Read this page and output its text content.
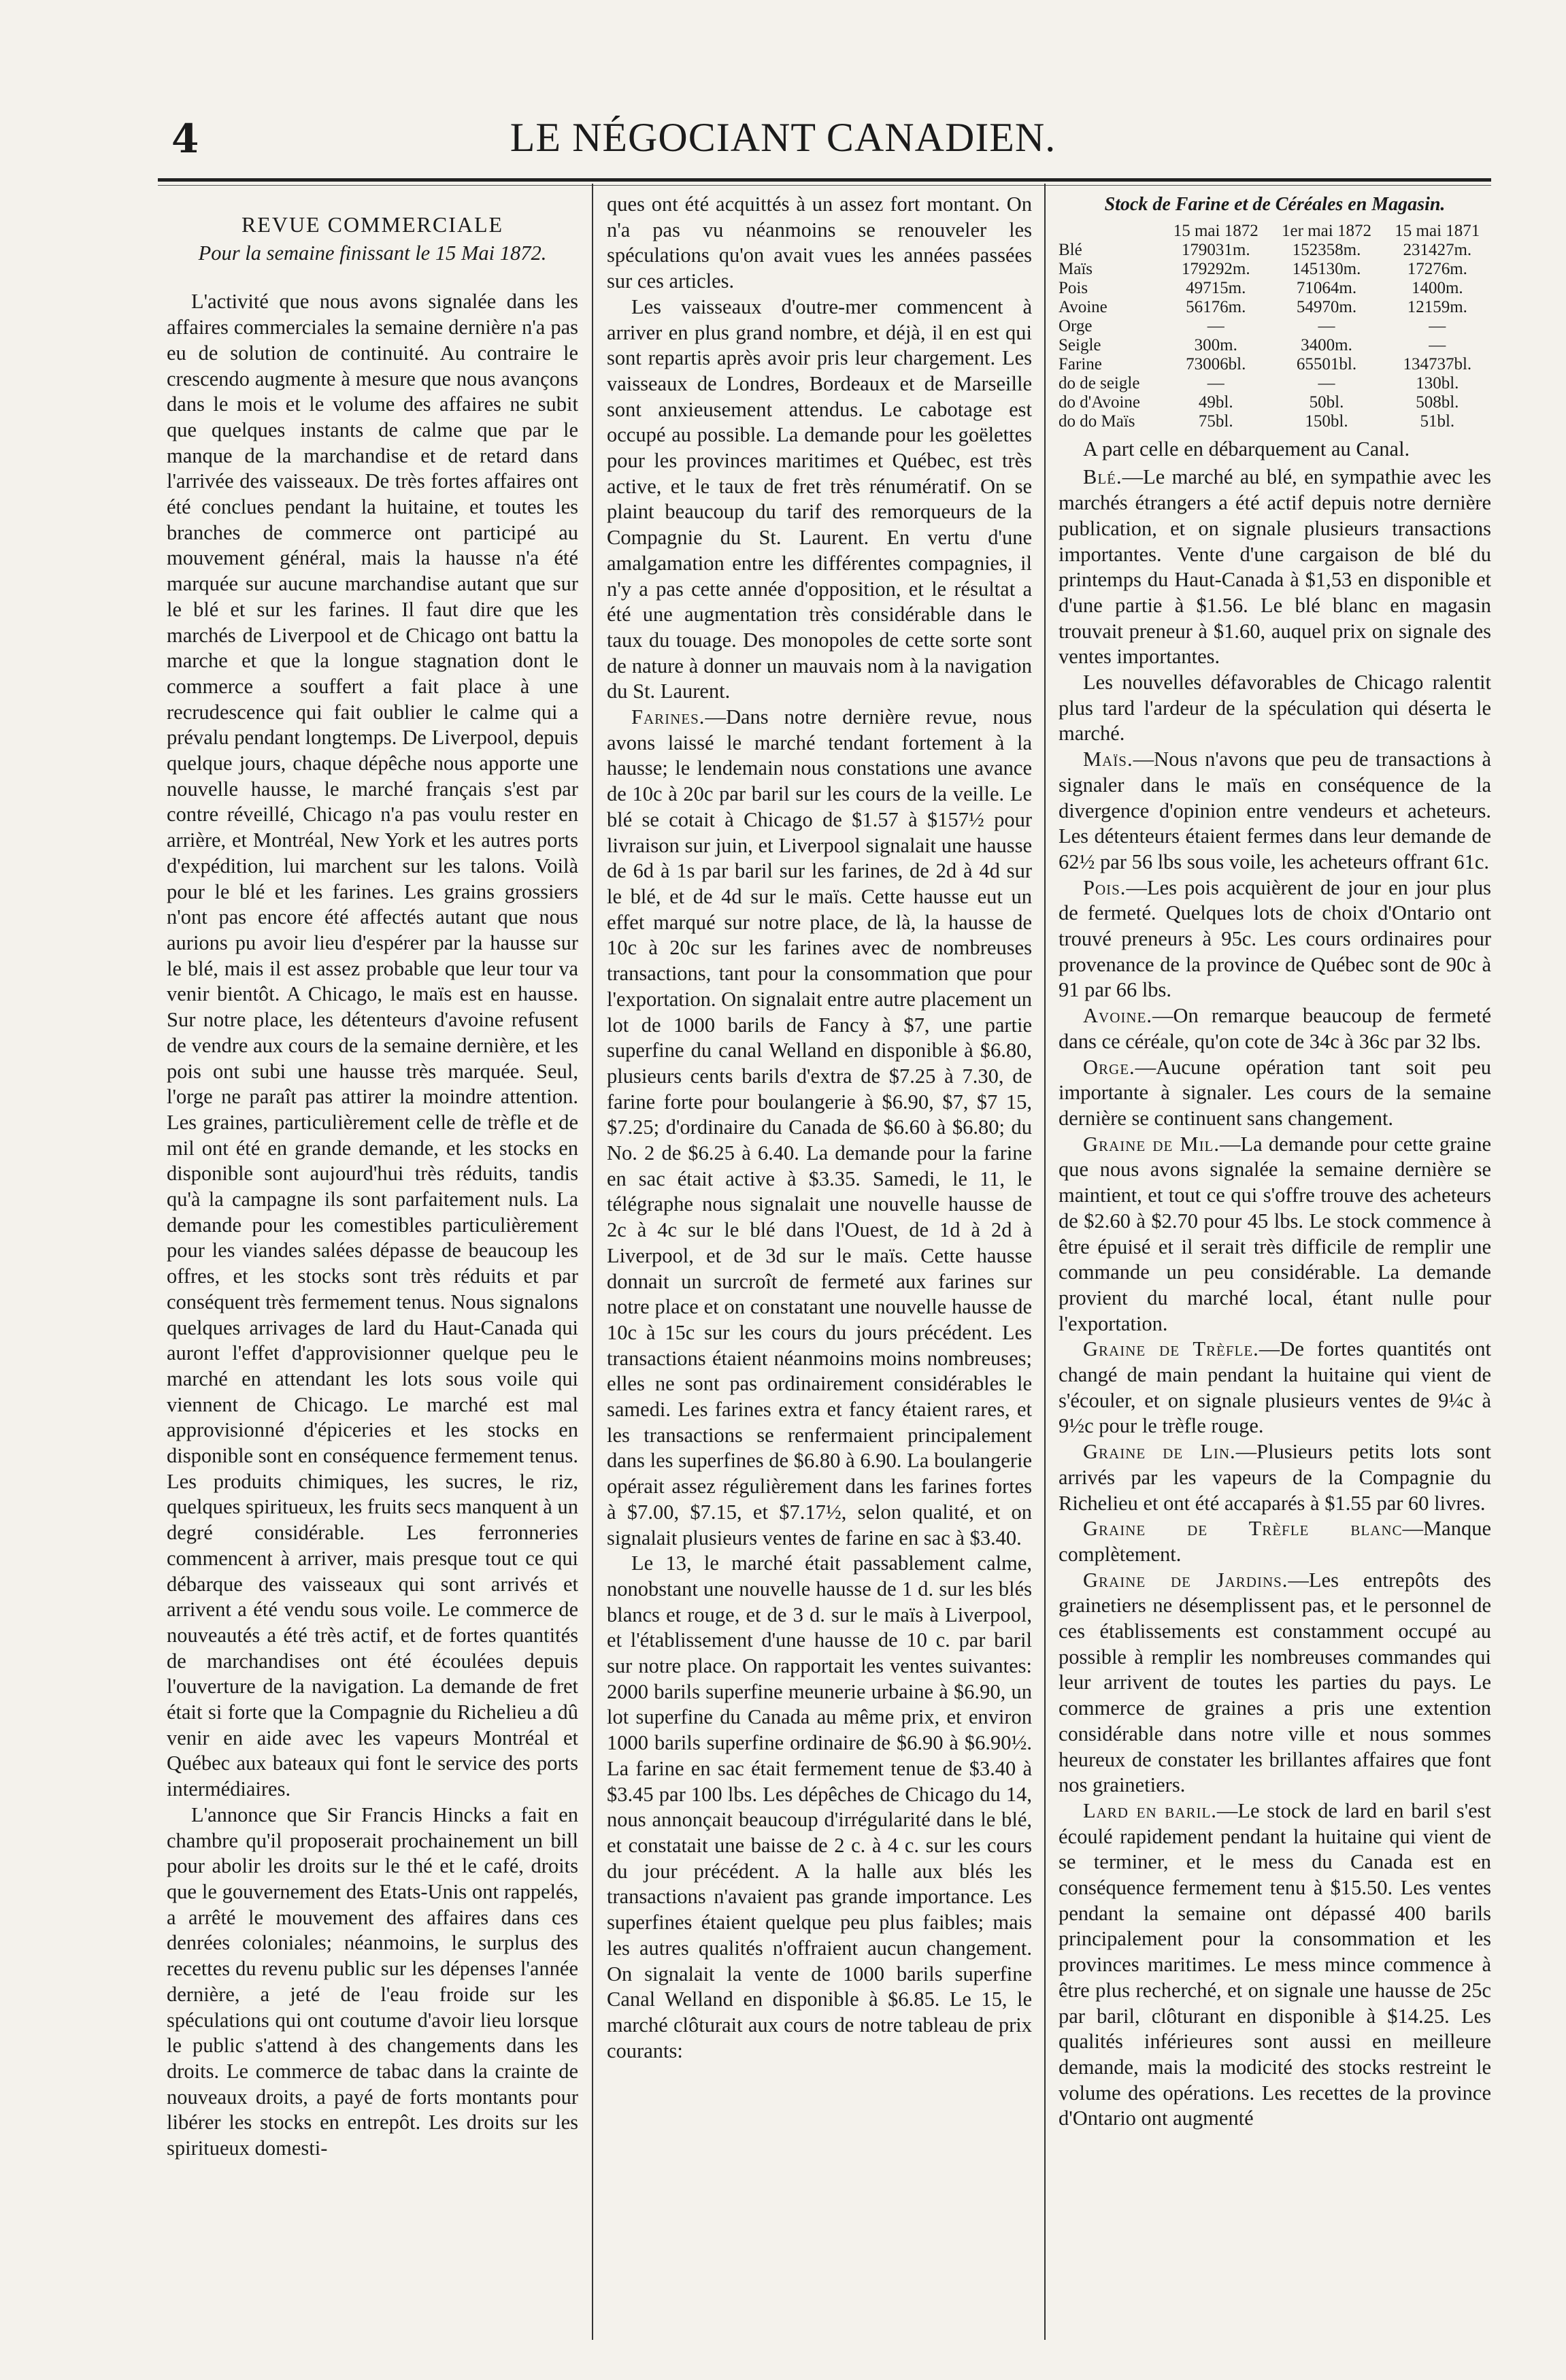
4	LE NÉGOCIANT CANADIEN.
REVUE COMMERCIALE
Pour la semaine finissant le 15 Mai 1872.

L'activité que nous avons signalée dans les affaires commerciales la semaine dernière n'a pas eu de solution de continuité. Au contraire le crescendo augmente à mesure que nous avançons dans le mois et le volume des affaires ne subit que quelques instants de calme que par le manque de la marchandise et de retard dans l'arrivée des vaisseaux. De très fortes affaires ont été conclues pendant la huitaine, et toutes les branches de commerce ont participé au mouvement général, mais la hausse n'a été marquée sur aucune marchandise autant que sur le blé et sur les farines. Il faut dire que les marchés de Liverpool et de Chicago ont battu la marche et que la longue stagnation dont le commerce a souffert a fait place à une recrudescence qui fait oublier le calme qui a prévalu pendant longtemps. De Liverpool, depuis quelque jours, chaque dépêche nous apporte une nouvelle hausse, le marché français s'est par contre réveillé, Chicago n'a pas voulu rester en arrière, et Montréal, New York et les autres ports d'expédition, lui marchent sur les talons. Voilà pour le blé et les farines. Les grains grossiers n'ont pas encore été affectés autant que nous aurions pu avoir lieu d'espérer par la hausse sur le blé, mais il est assez probable que leur tour va venir bientôt. A Chicago, le maïs est en hausse. Sur notre place, les détenteurs d'avoine refusent de vendre aux cours de la semaine dernière, et les pois ont subi une hausse très marquée. Seul, l'orge ne paraît pas attirer la moindre attention. Les graines, particulièrement celle de trèfle et de mil ont été en grande demande, et les stocks en disponible sont aujourd'hui très réduits, tandis qu'à la campagne ils sont parfaitement nuls. La demande pour les comestibles particulièrement pour les viandes salées dépasse de beaucoup les offres, et les stocks sont très réduits et par conséquent très fermement tenus. Nous signalons quelques arrivages de lard du Haut-Canada qui auront l'effet d'approvisionner quelque peu le marché en attendant les lots sous voile qui viennent de Chicago. Le marché est mal approvisionné d'épiceries et les stocks en disponible sont en conséquence fermement tenus. Les produits chimiques, les sucres, le riz, quelques spiritueux, les fruits secs manquent à un degré considérable. Les ferronneries commencent à arriver, mais presque tout ce qui débarque des vaisseaux qui sont arrivés et arrivent a été vendu sous voile. Le commerce de nouveautés a été très actif, et de fortes quantités de marchandises ont été écoulées depuis l'ouverture de la navigation. La demande de fret était si forte que la Compagnie du Richelieu a dû venir en aide avec les vapeurs Montréal et Québec aux bateaux qui font le service des ports intermédiaires.

L'annonce que Sir Francis Hincks a fait en chambre qu'il proposerait prochainement un bill pour abolir les droits sur le thé et le café, droits que le gouvernement des Etats-Unis ont rappelés, a arrêté le mouvement des affaires dans ces denrées coloniales; néanmoins, le surplus des recettes du revenu public sur les dépenses l'année dernière, a jeté de l'eau froide sur les spéculations qui ont coutume d'avoir lieu lorsque le public s'attend à des changements dans les droits. Le commerce de tabac dans la crainte de nouveaux droits, a payé de forts montants pour libérer les stocks en entrepôt. Les droits sur les spiritueux domesti-

ques ont été acquittés à un assez fort montant. On n'a pas vu néanmoins se renouveler les spéculations qu'on avait vues les années passées sur ces articles.

Les vaisseaux d'outre-mer commencent à arriver en plus grand nombre, et déjà, il en est qui sont repartis après avoir pris leur chargement. Les vaisseaux de Londres, Bordeaux et de Marseille sont anxieusement attendus. Le cabotage est occupé au possible. La demande pour les goëlettes pour les provinces maritimes et Québec, est très active, et le taux de fret très rénumératif. On se plaint beaucoup du tarif des remorqueurs de la Compagnie du St. Laurent. En vertu d'une amalgamation entre les différentes compagnies, il n'y a pas cette année d'opposition, et le résultat a été une augmentation très considérable dans le taux du touage. Des monopoles de cette sorte sont de nature à donner un mauvais nom à la navigation du St. Laurent.

Farines.—Dans notre dernière revue, nous avons laissé le marché tendant fortement à la hausse; le lendemain nous constations une avance de 10c à 20c par baril sur les cours de la veille. Le blé se cotait à Chicago de $1.57 à $157½ pour livraison sur juin, et Liverpool signalait une hausse de 6d à 1s par baril sur les farines, de 2d à 4d sur le blé, et de 4d sur le maïs. Cette hausse eut un effet marqué sur notre place, de là, la hausse de 10c à 20c sur les farines avec de nombreuses transactions, tant pour la consommation que pour l'exportation. On signalait entre autre placement un lot de 1000 barils de Fancy à $7, une partie superfine du canal Welland en disponible à $6.80, plusieurs cents barils d'extra de $7.25 à 7.30, de farine forte pour boulangerie à $6.90, $7, $7 15, $7.25; d'ordinaire du Canada de $6.60 à $6.80; du No. 2 de $6.25 à 6.40. La demande pour la farine en sac était active à $3.35. Samedi, le 11, le télégraphe nous signalait une nouvelle hausse de 2c à 4c sur le blé dans l'Ouest, de 1d à 2d à Liverpool, et de 3d sur le maïs. Cette hausse donnait un surcroît de fermeté aux farines sur notre place et on constatant une nouvelle hausse de 10c à 15c sur les cours du jours précédent. Les transactions étaient néanmoins moins nombreuses; elles ne sont pas ordinairement considérables le samedi. Les farines extra et fancy étaient rares, et les transactions se renfermaient principalement dans les superfines de $6.80 à 6.90. La boulangerie opérait assez régulièrement dans les farines fortes à $7.00, $7.15, et $7.17½, selon qualité, et on signalait plusieurs ventes de farine en sac à $3.40.

Le 13, le marché était passablement calme, nonobstant une nouvelle hausse de 1 d. sur les blés blancs et rouge, et de 3 d. sur le maïs à Liverpool, et l'établissement d'une hausse de 10 c. par baril sur notre place. On rapportait les ventes suivantes: 2000 barils superfine meunerie urbaine à $6.90, un lot superfine du Canada au même prix, et environ 1000 barils superfine ordinaire de $6.90 à $6.90½. La farine en sac était fermement tenue de $3.40 à $3.45 par 100 lbs. Les dépêches de Chicago du 14, nous annonçait beaucoup d'irrégularité dans le blé, et constatait une baisse de 2 c. à 4 c. sur les cours du jour précédent. A la halle aux blés les transactions n'avaient pas grande importance. Les superfines étaient quelque peu plus faibles; mais les autres qualités n'offraient aucun changement. On signalait la vente de 1000 barils superfine Canal Welland en disponible à $6.85. Le 15, le marché clôturait aux cours de notre tableau de prix courants:

Stock de Farine et de Céréales en Magasin.
	15 mai 1872	1er mai 1872	15 mai 1871
Blé	179031m.	152358m.	231427m.
Maïs	179292m.	145130m.	17276m.
Pois	49715m.	71064m.	1400m.
Avoine	56176m.	54970m.	12159m.
Orge	—	—	—
Seigle	300m.	3400m.	—
Farine	73006bl.	65501bl.	134737bl.
do de seigle	—	—	130bl.
do d'Avoine	49bl.	50bl.	508bl.
do do Maïs	75bl.	150bl.	51bl.

A part celle en débarquement au Canal.

Blé.—Le marché au blé, en sympathie avec les marchés étrangers a été actif depuis notre dernière publication, et on signale plusieurs transactions importantes. Vente d'une cargaison de blé du printemps du Haut-Canada à $1,53 en disponible et d'une partie à $1.56. Le blé blanc en magasin trouvait preneur à $1.60, auquel prix on signale des ventes importantes.

Les nouvelles défavorables de Chicago ralentit plus tard l'ardeur de la spéculation qui déserta le marché.

Maïs.—Nous n'avons que peu de transactions à signaler dans le maïs en conséquence de la divergence d'opinion entre vendeurs et acheteurs. Les détenteurs étaient fermes dans leur demande de 62½ par 56 lbs sous voile, les acheteurs offrant 61c.

Pois.—Les pois acquièrent de jour en jour plus de fermeté. Quelques lots de choix d'Ontario ont trouvé preneurs à 95c. Les cours ordinaires pour provenance de la province de Québec sont de 90c à 91 par 66 lbs.

Avoine.—On remarque beaucoup de fermeté dans ce céréale, qu'on cote de 34c à 36c par 32 lbs.

Orge.—Aucune opération tant soit peu importante à signaler. Les cours de la semaine dernière se continuent sans changement.

Graine de Mil.—La demande pour cette graine que nous avons signalée la semaine dernière se maintient, et tout ce qui s'offre trouve des acheteurs de $2.60 à $2.70 pour 45 lbs. Le stock commence à être épuisé et il serait très difficile de remplir une commande un peu considérable. La demande provient du marché local, étant nulle pour l'exportation.

Graine de Trèfle.—De fortes quantités ont changé de main pendant la huitaine qui vient de s'écouler, et on signale plusieurs ventes de 9¼c à 9½c pour le trèfle rouge.

Graine de Lin.—Plusieurs petits lots sont arrivés par les vapeurs de la Compagnie du Richelieu et ont été accaparés à $1.55 par 60 livres.

Graine de Trèfle blanc—Manque complètement.

Graine de Jardins.—Les entrepôts des grainetiers ne désemplissent pas, et le personnel de ces établissements est constamment occupé au possible à remplir les nombreuses commandes qui leur arrivent de toutes les parties du pays. Le commerce de graines a pris une extention considérable dans notre ville et nous sommes heureux de constater les brillantes affaires que font nos grainetiers.

Lard en baril.—Le stock de lard en baril s'est écoulé rapidement pendant la huitaine qui vient de se terminer, et le mess du Canada est en conséquence fermement tenu à $15.50. Les ventes pendant la semaine ont dépassé 400 barils principalement pour la consommation et les provinces maritimes. Le mess mince commence à être plus recherché, et on signale une hausse de 25c par baril, clôturant en disponible à $14.25. Les qualités inférieures sont aussi en meilleure demande, mais la modicité des stocks restreint le volume des opérations. Les recettes de la province d'Ontario ont augmenté
